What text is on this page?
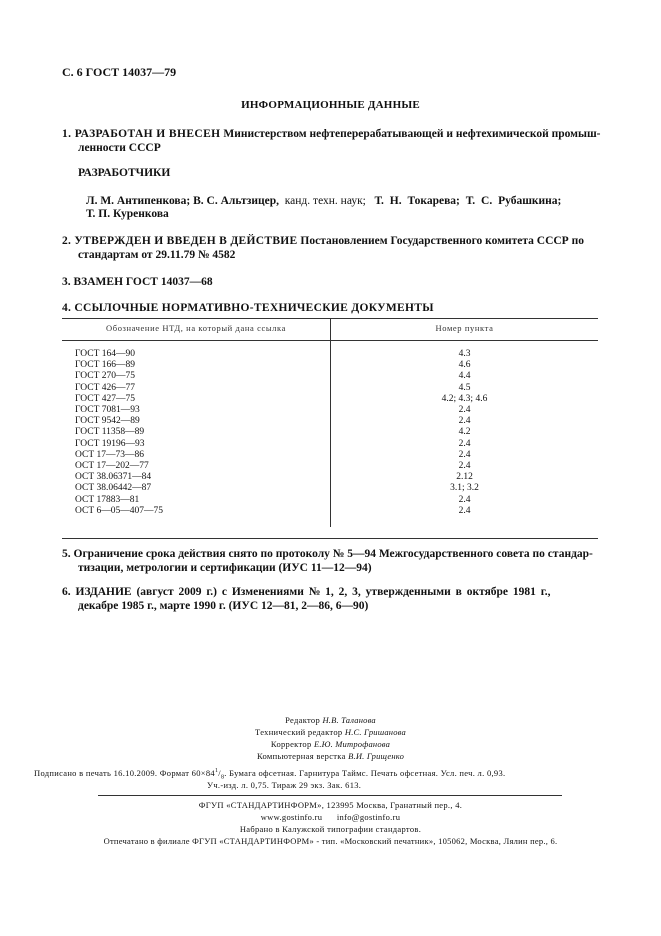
С. 6 ГОСТ 14037—79
ИНФОРМАЦИОННЫЕ ДАННЫЕ
1. РАЗРАБОТАН И ВНЕСЕН Министерством нефтеперерабатывающей и нефтехимической промыш-
ленности СССР
РАЗРАБОТЧИКИ
Л. М. Антипенкова; В. С. Альтзицер, канд. техн. наук; Т. Н. Токарева; Т. С. Рубашкина;
Т. П. Куренкова
2. УТВЕРЖДЕН И ВВЕДЕН В ДЕЙСТВИЕ Постановлением Государственного комитета СССР по
стандартам от 29.11.79 № 4582
3. ВЗАМЕН ГОСТ 14037—68
4. ССЫЛОЧНЫЕ НОРМАТИВНО-ТЕХНИЧЕСКИЕ ДОКУМЕНТЫ
Обозначение НТД, на который дана ссылка	Номер пункта
ГОСТ 164—90	4.3
ГОСТ 166—89	4.6
ГОСТ 270—75	4.4
ГОСТ 426—77	4.5
ГОСТ 427—75	4.2; 4.3; 4.6
ГОСТ 7081—93	2.4
ГОСТ 9542—89	2.4
ГОСТ 11358—89	4.2
ГОСТ 19196—93	2.4
ОСТ 17—73—86	2.4
ОСТ 17—202—77	2.4
ОСТ 38.06371—84	2.12
ОСТ 38.06442—87	3.1; 3.2
ОСТ 17883—81	2.4
ОСТ 6—05—407—75	2.4
5. Ограничение срока действия снято по протоколу № 5—94 Межгосударственного совета по стандар-
тизации, метрологии и сертификации (ИУС 11—12—94)
6. ИЗДАНИЕ (август 2009 г.) с Изменениями № 1, 2, 3, утвержденными в октябре 1981 г.,
декабре 1985 г., марте 1990 г. (ИУС 12—81, 2—86, 6—90)
Редактор Н.В. Таланова
Технический редактор Н.С. Гришанова
Корректор Е.Ю. Митрофанова
Компьютерная верстка В.И. Грищенко
Подписано в печать 16.10.2009. Формат $60\times 84^1/_8$. Бумага офсетная. Гарнитура Таймс. Печать офсетная. Усл. печ. л. 0,93.
Уч.-изд. л. 0,75. Тираж 29 экз. Зак. 613.
ФГУП «СТАНДАРТИНФОРМ», 123995 Москва, Гранатный пер., 4.
www.gostinfo.ru info@gostinfo.ru
Набрано в Калужской типографии стандартов.
Отпечатано в филиале ФГУП «СТАНДАРТИНФОРМ» - тип. «Московский печатник», 105062, Москва, Лялин пер., 6.
